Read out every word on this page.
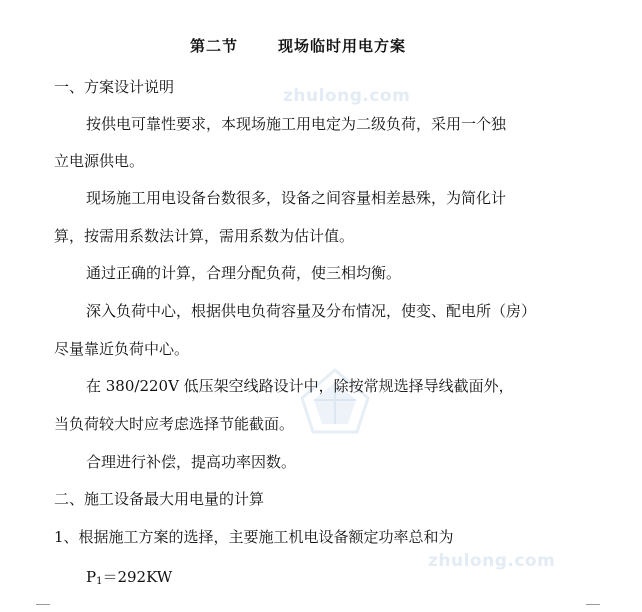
第二节	现场临时用电方案
zhulong.com
一、方案设计说明
按供电可靠性要求，本现场施工用电定为二级负荷，采用一个独
立电源供电。
现场施工用电设备台数很多，设备之间容量相差悬殊，为简化计
算，按需用系数法计算，需用系数为估计值。
通过正确的计算，合理分配负荷，使三相均衡。
深入负荷中心，根据供电负荷容量及分布情况，使变、配电所（房）
尽量靠近负荷中心。
在 380/220V 低压架空线路设计中，除按常规选择导线截面外，
当负荷较大时应考虑选择节能截面。
合理进行补偿，提高功率因数。
二、施工设备最大用电量的计算
1、根据施工方案的选择，主要施工机电设备额定功率总和为
zhulong.com
$P_1=292KW$
